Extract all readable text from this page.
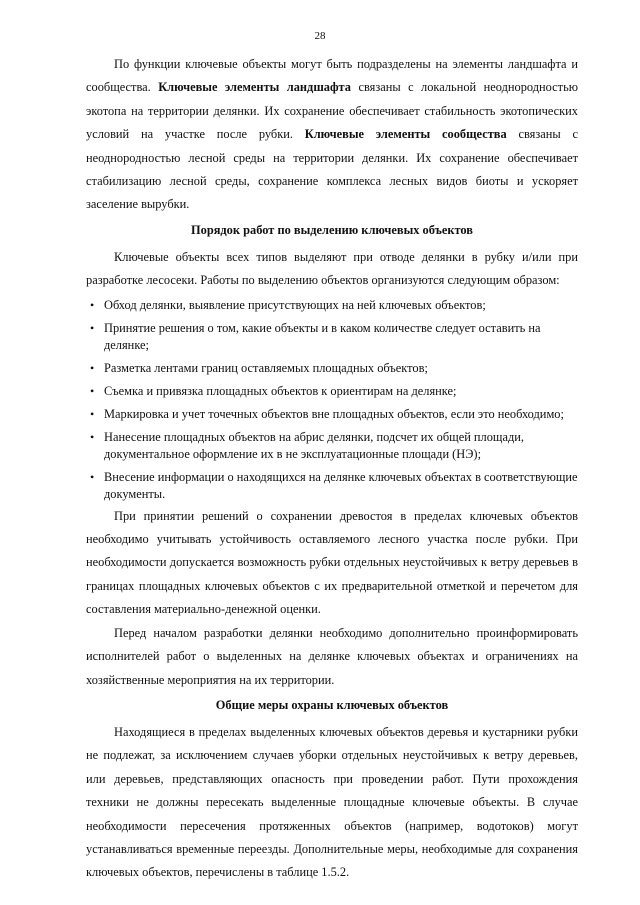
28

По функции ключевые объекты могут быть подразделены на элементы ландшафта и сообщества. Ключевые элементы ландшафта связаны с локальной неоднородностью экотопа на территории делянки. Их сохранение обеспечивает стабильность экотопических условий на участке после рубки. Ключевые элементы сообщества связаны с неоднородностью лесной среды на территории делянки. Их сохранение обеспечивает стабилизацию лесной среды, сохранение комплекса лесных видов биоты и ускоряет заселение вырубки.

Порядок работ по выделению ключевых объектов

Ключевые объекты всех типов выделяют при отводе делянки в рубку и/или при разработке лесосеки. Работы по выделению объектов организуются следующим образом:

• Обход делянки, выявление присутствующих на ней ключевых объектов;
• Принятие решения о том, какие объекты и в каком количестве следует оставить на делянке;
• Разметка лентами границ оставляемых площадных объектов;
• Съемка и привязка площадных объектов к ориентирам на делянке;
• Маркировка и учет точечных объектов вне площадных объектов, если это необходимо;
• Нанесение площадных объектов на абрис делянки, подсчет их общей площади, документальное оформление их в не эксплуатационные площади (НЭ);
• Внесение информации о находящихся на делянке ключевых объектах в соответствующие документы.

При принятии решений о сохранении древостоя в пределах ключевых объектов необходимо учитывать устойчивость оставляемого лесного участка после рубки. При необходимости допускается возможность рубки отдельных неустойчивых к ветру деревьев в границах площадных ключевых объектов с их предварительной отметкой и перечетом для составления материально-денежной оценки.

Перед началом разработки делянки необходимо дополнительно проинформировать исполнителей работ о выделенных на делянке ключевых объектах и ограничениях на хозяйственные мероприятия на их территории.

Общие меры охраны ключевых объектов

Находящиеся в пределах выделенных ключевых объектов деревья и кустарники рубки не подлежат, за исключением случаев уборки отдельных неустойчивых к ветру деревьев, или деревьев, представляющих опасность при проведении работ. Пути прохождения техники не должны пересекать выделенные площадные ключевые объекты. В случае необходимости пересечения протяженных объектов (например, водотоков) могут устанавливаться временные переезды. Дополнительные меры, необходимые для сохранения ключевых объектов, перечислены в таблице 1.5.2.
